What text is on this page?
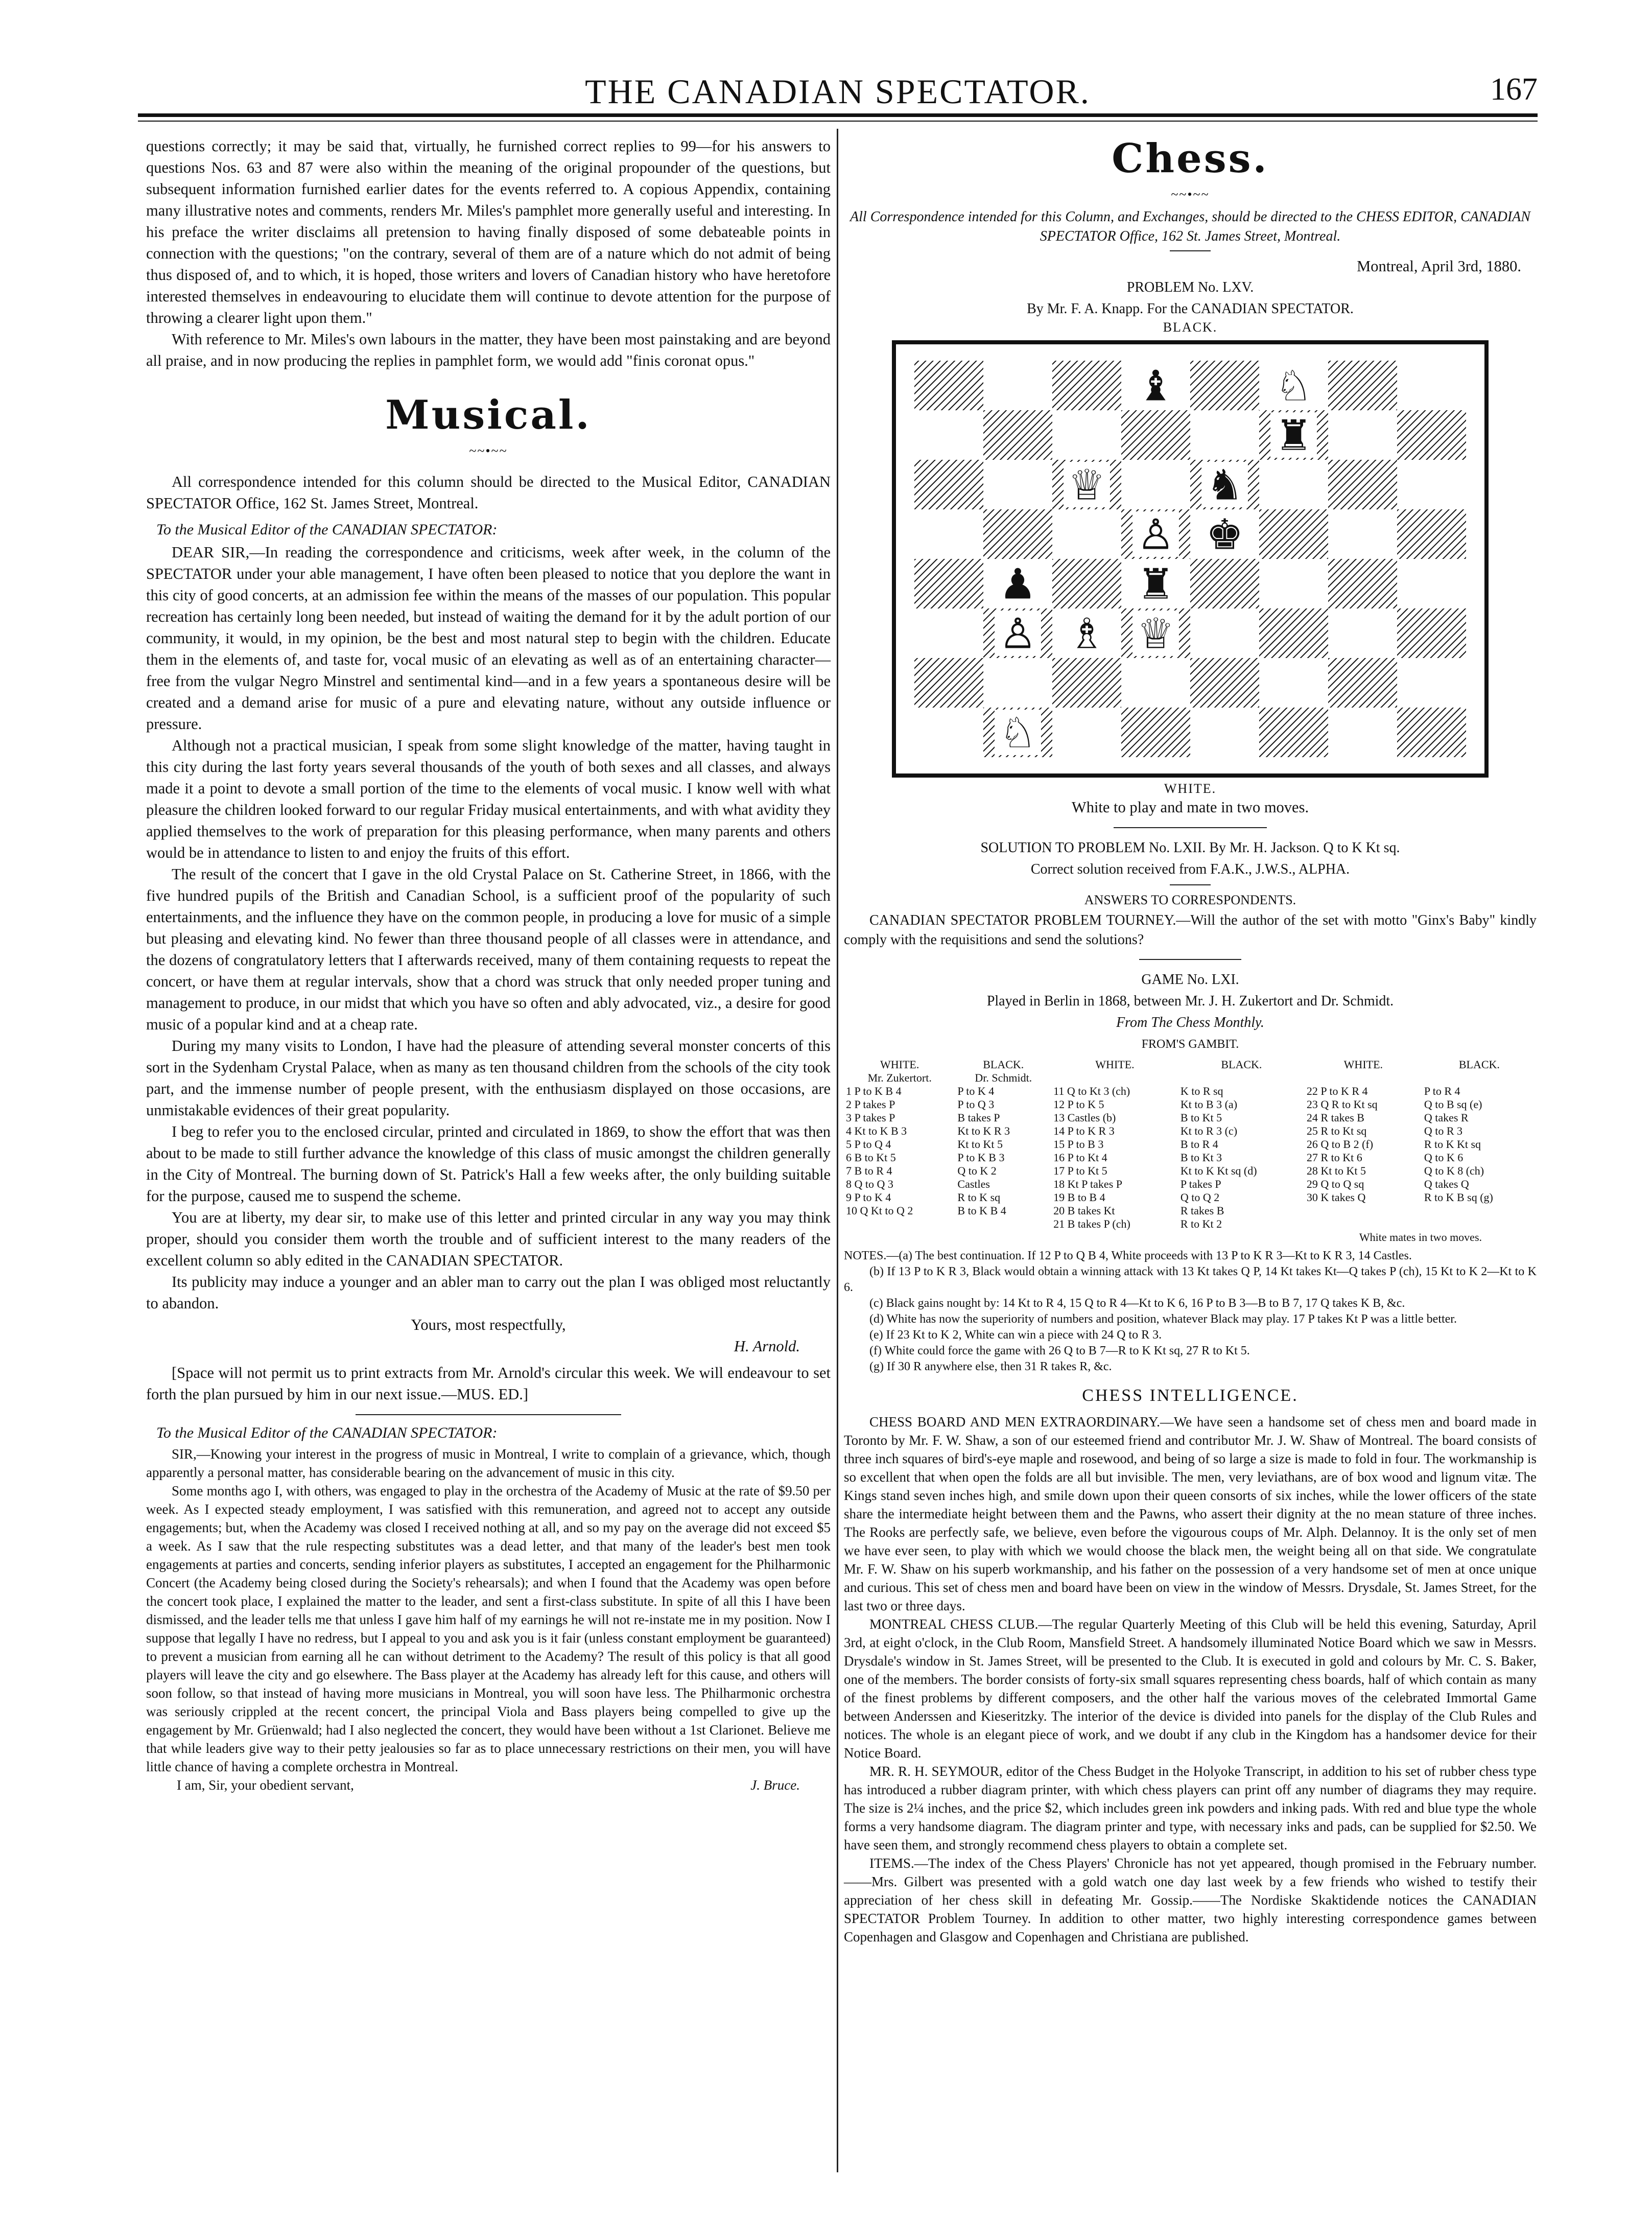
THE CANADIAN SPECTATOR.	167

questions correctly; it may be said that, virtually, he furnished correct replies to 99—for his answers to questions Nos. 63 and 87 were also within the meaning of the original propounder of the questions, but subsequent information furnished earlier dates for the events referred to. A copious Appendix, containing many illustrative notes and comments, renders Mr. Miles's pamphlet more generally useful and interesting. In his preface the writer disclaims all pretension to having finally disposed of some debateable points in connection with the questions; "on the contrary, several of them are of a nature which do not admit of being thus disposed of, and to which, it is hoped, those writers and lovers of Canadian history who have heretofore interested themselves in endeavouring to elucidate them will continue to devote attention for the purpose of throwing a clearer light upon them."

With reference to Mr. Miles's own labours in the matter, they have been most painstaking and are beyond all praise, and in now producing the replies in pamphlet form, we would add "finis coronat opus."

Musical.
~~•~~

All correspondence intended for this column should be directed to the Musical Editor, CANADIAN SPECTATOR Office, 162 St. James Street, Montreal.

To the Musical Editor of the CANADIAN SPECTATOR:

DEAR SIR,—In reading the correspondence and criticisms, week after week, in the column of the SPECTATOR under your able management, I have often been pleased to notice that you deplore the want in this city of good concerts, at an admission fee within the means of the masses of our population. This popular recreation has certainly long been needed, but instead of waiting the demand for it by the adult portion of our community, it would, in my opinion, be the best and most natural step to begin with the children. Educate them in the elements of, and taste for, vocal music of an elevating as well as of an entertaining character—free from the vulgar Negro Minstrel and sentimental kind—and in a few years a spontaneous desire will be created and a demand arise for music of a pure and elevating nature, without any outside influence or pressure.

Although not a practical musician, I speak from some slight knowledge of the matter, having taught in this city during the last forty years several thousands of the youth of both sexes and all classes, and always made it a point to devote a small portion of the time to the elements of vocal music. I know well with what pleasure the children looked forward to our regular Friday musical entertainments, and with what avidity they applied themselves to the work of preparation for this pleasing performance, when many parents and others would be in attendance to listen to and enjoy the fruits of this effort.

The result of the concert that I gave in the old Crystal Palace on St. Catherine Street, in 1866, with the five hundred pupils of the British and Canadian School, is a sufficient proof of the popularity of such entertainments, and the influence they have on the common people, in producing a love for music of a simple but pleasing and elevating kind. No fewer than three thousand people of all classes were in attendance, and the dozens of congratulatory letters that I afterwards received, many of them containing requests to repeat the concert, or have them at regular intervals, show that a chord was struck that only needed proper tuning and management to produce, in our midst that which you have so often and ably advocated, viz., a desire for good music of a popular kind and at a cheap rate.

During my many visits to London, I have had the pleasure of attending several monster concerts of this sort in the Sydenham Crystal Palace, when as many as ten thousand children from the schools of the city took part, and the immense number of people present, with the enthusiasm displayed on those occasions, are unmistakable evidences of their great popularity.

I beg to refer you to the enclosed circular, printed and circulated in 1869, to show the effort that was then about to be made to still further advance the knowledge of this class of music amongst the children generally in the City of Montreal. The burning down of St. Patrick's Hall a few weeks after, the only building suitable for the purpose, caused me to suspend the scheme.

You are at liberty, my dear sir, to make use of this letter and printed circular in any way you may think proper, should you consider them worth the trouble and of sufficient interest to the many readers of the excellent column so ably edited in the CANADIAN SPECTATOR.

Its publicity may induce a younger and an abler man to carry out the plan I was obliged most reluctantly to abandon.

Yours, most respectfully,

H. Arnold.

[Space will not permit us to print extracts from Mr. Arnold's circular this week. We will endeavour to set forth the plan pursued by him in our next issue.—MUS. ED.]

To the Musical Editor of the CANADIAN SPECTATOR:

SIR,—Knowing your interest in the progress of music in Montreal, I write to complain of a grievance, which, though apparently a personal matter, has considerable bearing on the advancement of music in this city.

Some months ago I, with others, was engaged to play in the orchestra of the Academy of Music at the rate of $9.50 per week. As I expected steady employment, I was satisfied with this remuneration, and agreed not to accept any outside engagements; but, when the Academy was closed I received nothing at all, and so my pay on the average did not exceed $5 a week. As I saw that the rule respecting substitutes was a dead letter, and that many of the leader's best men took engagements at parties and concerts, sending inferior players as substitutes, I accepted an engagement for the Philharmonic Concert (the Academy being closed during the Society's rehearsals); and when I found that the Academy was open before the concert took place, I explained the matter to the leader, and sent a first-class substitute. In spite of all this I have been dismissed, and the leader tells me that unless I gave him half of my earnings he will not re-instate me in my position. Now I suppose that legally I have no redress, but I appeal to you and ask you is it fair (unless constant employment be guaranteed) to prevent a musician from earning all he can without detriment to the Academy? The result of this policy is that all good players will leave the city and go elsewhere. The Bass player at the Academy has already left for this cause, and others will soon follow, so that instead of having more musicians in Montreal, you will soon have less. The Philharmonic orchestra was seriously crippled at the recent concert, the principal Viola and Bass players being compelled to give up the engagement by Mr. Grüenwald; had I also neglected the concert, they would have been without a 1st Clarionet. Believe me that while leaders give way to their petty jealousies so far as to place unnecessary restrictions on their men, you will have little chance of having a complete orchestra in Montreal.

I am, Sir, your obedient servant,	J. Bruce.

Chess.
~~•~~

All Correspondence intended for this Column, and Exchanges, should be directed to the CHESS EDITOR, CANADIAN SPECTATOR Office, 162 St. James Street, Montreal.

Montreal, April 3rd, 1880.

PROBLEM No. LXV.

By Mr. F. A. Knapp. For the CANADIAN SPECTATOR.

BLACK.
♝ ♘
♜
♕ ♞
♙ ♚
♟ ♜
♙ ♗ ♕
♘
WHITE.

White to play and mate in two moves.

SOLUTION TO PROBLEM No. LXII. By Mr. H. Jackson. Q to K Kt sq.

Correct solution received from F.A.K., J.W.S., ALPHA.

ANSWERS TO CORRESPONDENTS.

CANADIAN SPECTATOR PROBLEM TOURNEY.—Will the author of the set with motto "Ginx's Baby" kindly comply with the requisitions and send the solutions?

GAME No. LXI.

Played in Berlin in 1868, between Mr. J. H. Zukertort and Dr. Schmidt.

From The Chess Monthly.

FROM'S GAMBIT.

WHITE.	BLACK.	WHITE.	BLACK.	WHITE.	BLACK.
Mr. Zukertort.	Dr. Schmidt.				
1 P to K B 4	P to K 4	11 Q to Kt 3 (ch)	K to R sq	22 P to K R 4	P to R 4
2 P takes P	P to Q 3	12 P to K 5	Kt to B 3 (a)	23 Q R to Kt sq	Q to B sq (e)
3 P takes P	B takes P	13 Castles (b)	B to Kt 5	24 R takes B	Q takes R
4 Kt to K B 3	Kt to K R 3	14 P to K R 3	Kt to R 3 (c)	25 R to Kt sq	Q to R 3
5 P to Q 4	Kt to Kt 5	15 P to B 3	B to R 4	26 Q to B 2 (f)	R to K Kt sq
6 B to Kt 5	P to K B 3	16 P to Kt 4	B to Kt 3	27 R to Kt 6	Q to K 6
7 B to R 4	Q to K 2	17 P to Kt 5	Kt to K Kt sq (d)	28 Kt to Kt 5	Q to K 8 (ch)
8 Q to Q 3	Castles	18 Kt P takes P	P takes P	29 Q to Q sq	Q takes Q
9 P to K 4	R to K sq	19 B to B 4	Q to Q 2	30 K takes Q	R to K B sq (g)
10 Q Kt to Q 2	B to K B 4	20 B takes Kt	R takes B		
		21 B takes P (ch)	R to Kt 2		
				White mates in two moves.	

NOTES.—(a) The best continuation. If 12 P to Q B 4, White proceeds with 13 P to K R 3—Kt to K R 3, 14 Castles.

(b) If 13 P to K R 3, Black would obtain a winning attack with 13 Kt takes Q P, 14 Kt takes Kt—Q takes P (ch), 15 Kt to K 2—Kt to K 6.

(c) Black gains nought by: 14 Kt to R 4, 15 Q to R 4—Kt to K 6, 16 P to B 3—B to B 7, 17 Q takes K B, &c.

(d) White has now the superiority of numbers and position, whatever Black may play. 17 P takes Kt P was a little better.

(e) If 23 Kt to K 2, White can win a piece with 24 Q to R 3.

(f) White could force the game with 26 Q to B 7—R to K Kt sq, 27 R to Kt 5.

(g) If 30 R anywhere else, then 31 R takes R, &c.

CHESS INTELLIGENCE.

CHESS BOARD AND MEN EXTRAORDINARY.—We have seen a handsome set of chess men and board made in Toronto by Mr. F. W. Shaw, a son of our esteemed friend and contributor Mr. J. W. Shaw of Montreal. The board consists of three inch squares of bird's-eye maple and rosewood, and being of so large a size is made to fold in four. The workmanship is so excellent that when open the folds are all but invisible. The men, very leviathans, are of box wood and lignum vitæ. The Kings stand seven inches high, and smile down upon their queen consorts of six inches, while the lower officers of the state share the intermediate height between them and the Pawns, who assert their dignity at the no mean stature of three inches. The Rooks are perfectly safe, we believe, even before the vigourous coups of Mr. Alph. Delannoy. It is the only set of men we have ever seen, to play with which we would choose the black men, the weight being all on that side. We congratulate Mr. F. W. Shaw on his superb workmanship, and his father on the possession of a very handsome set of men at once unique and curious. This set of chess men and board have been on view in the window of Messrs. Drysdale, St. James Street, for the last two or three days.

MONTREAL CHESS CLUB.—The regular Quarterly Meeting of this Club will be held this evening, Saturday, April 3rd, at eight o'clock, in the Club Room, Mansfield Street. A handsomely illuminated Notice Board which we saw in Messrs. Drysdale's window in St. James Street, will be presented to the Club. It is executed in gold and colours by Mr. C. S. Baker, one of the members. The border consists of forty-six small squares representing chess boards, half of which contain as many of the finest problems by different composers, and the other half the various moves of the celebrated Immortal Game between Anderssen and Kieseritzky. The interior of the device is divided into panels for the display of the Club Rules and notices. The whole is an elegant piece of work, and we doubt if any club in the Kingdom has a handsomer device for their Notice Board.

MR. R. H. SEYMOUR, editor of the Chess Budget in the Holyoke Transcript, in addition to his set of rubber chess type has introduced a rubber diagram printer, with which chess players can print off any number of diagrams they may require. The size is 2¼ inches, and the price $2, which includes green ink powders and inking pads. With red and blue type the whole forms a very handsome diagram. The diagram printer and type, with necessary inks and pads, can be supplied for $2.50. We have seen them, and strongly recommend chess players to obtain a complete set.

ITEMS.—The index of the Chess Players' Chronicle has not yet appeared, though promised in the February number.——Mrs. Gilbert was presented with a gold watch one day last week by a few friends who wished to testify their appreciation of her chess skill in defeating Mr. Gossip.——The Nordiske Skaktidende notices the CANADIAN SPECTATOR Problem Tourney. In addition to other matter, two highly interesting correspondence games between Copenhagen and Glasgow and Copenhagen and Christiana are published.
